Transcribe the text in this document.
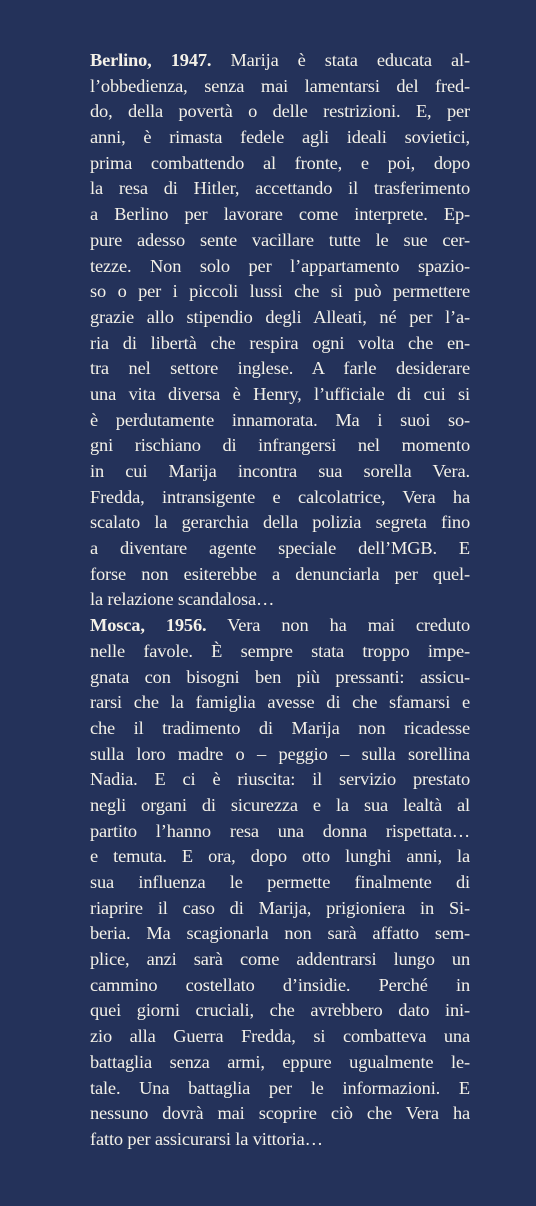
Berlino, 1947. Marija è stata educata al-
l’obbedienza, senza mai lamentarsi del fred-
do, della povertà o delle restrizioni. E, per
anni, è rimasta fedele agli ideali sovietici,
prima combattendo al fronte, e poi, dopo
la resa di Hitler, accettando il trasferimento
a Berlino per lavorare come interprete. Ep-
pure adesso sente vacillare tutte le sue cer-
tezze. Non solo per l’appartamento spazio-
so o per i piccoli lussi che si può permettere
grazie allo stipendio degli Alleati, né per l’a-
ria di libertà che respira ogni volta che en-
tra nel settore inglese. A farle desiderare
una vita diversa è Henry, l’ufficiale di cui si
è perdutamente innamorata. Ma i suoi so-
gni rischiano di infrangersi nel momento
in cui Marija incontra sua sorella Vera.
Fredda, intransigente e calcolatrice, Vera ha
scalato la gerarchia della polizia segreta fino
a diventare agente speciale dell’MGB. E
forse non esiterebbe a denunciarla per quel-
la relazione scandalosa…
Mosca, 1956. Vera non ha mai creduto
nelle favole. È sempre stata troppo impe-
gnata con bisogni ben più pressanti: assicu-
rarsi che la famiglia avesse di che sfamarsi e
che il tradimento di Marija non ricadesse
sulla loro madre o – peggio – sulla sorellina
Nadia. E ci è riuscita: il servizio prestato
negli organi di sicurezza e la sua lealtà al
partito l’hanno resa una donna rispettata…
e temuta. E ora, dopo otto lunghi anni, la
sua influenza le permette finalmente di
riaprire il caso di Marija, prigioniera in Si-
beria. Ma scagionarla non sarà affatto sem-
plice, anzi sarà come addentrarsi lungo un
cammino costellato d’insidie. Perché in
quei giorni cruciali, che avrebbero dato ini-
zio alla Guerra Fredda, si combatteva una
battaglia senza armi, eppure ugualmente le-
tale. Una battaglia per le informazioni. E
nessuno dovrà mai scoprire ciò che Vera ha
fatto per assicurarsi la vittoria…
